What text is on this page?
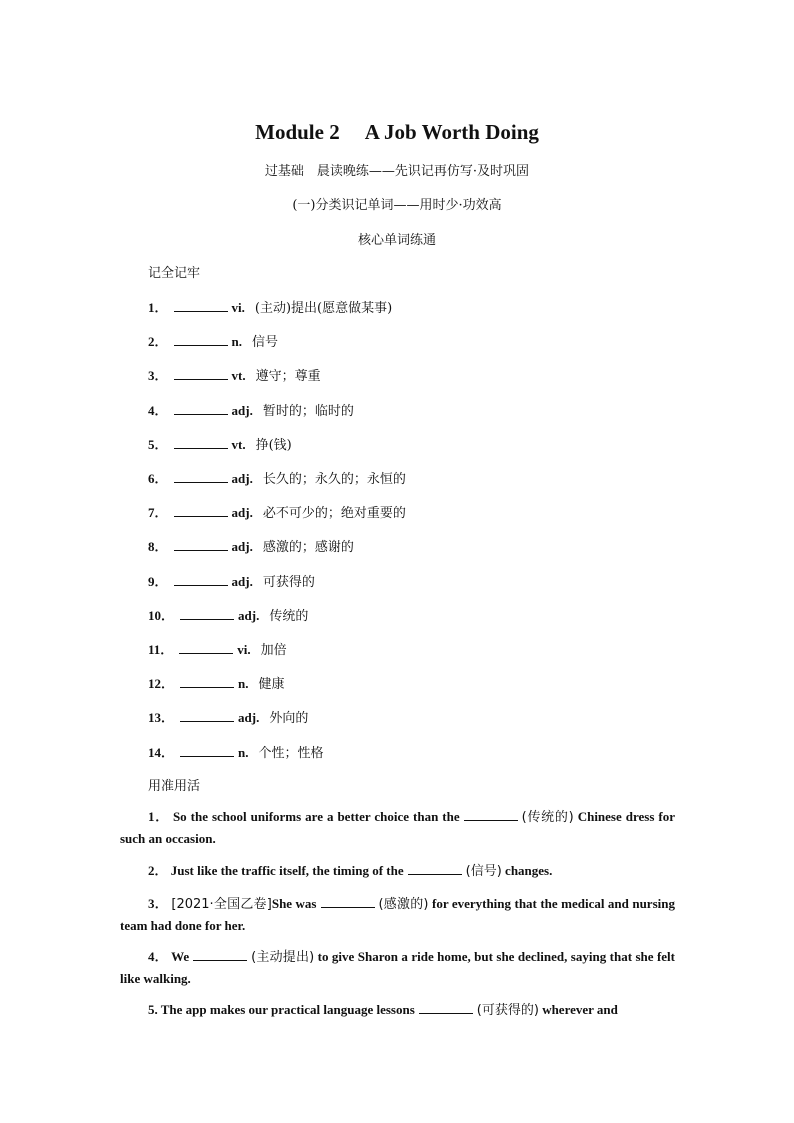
Module 2  A Job Worth Doing
过基础 晨读晚练——先识记再仿写·及时巩固
(一)分类识记单词——用时少·功效高
核心单词练通
记全记牢
1．	vi. (主动)提出(愿意做某事)
2．	n. 信号
3．	vt. 遵守；尊重
4．	adj. 暂时的；临时的
5．	vt. 挣(钱)
6．	adj. 长久的；永久的；永恒的
7．	adj. 必不可少的；绝对重要的
8．	adj. 感激的；感谢的
9．	adj. 可获得的
10．	adj. 传统的
11．	vi. 加倍
12．	n. 健康
13．	adj. 外向的
14．	n. 个性；性格
用准用活
1． So the school uniforms are a better choice than the	(传统的) Chinese dress for such an occasion.
2． Just like the traffic itself, the timing of the	(信号) changes.
3． [2021·全国乙卷]She was	(感激的) for everything that the medical and nursing team had done for her.
4． We	(主动提出) to give Sharon a ride home, but she declined, saying that she felt like walking.
5. The app makes our practical language lessons	(可获得的) wherever and
